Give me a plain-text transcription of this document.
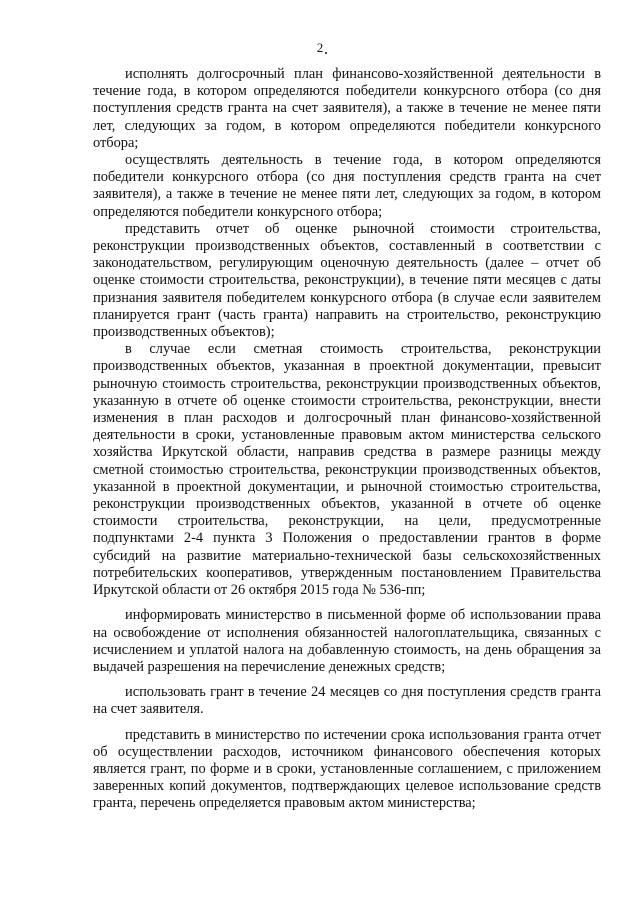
2

исполнять долгосрочный план финансово-хозяйственной деятельности в течение года, в котором определяются победители конкурсного отбора (со дня поступления средств гранта на счет заявителя), а также в течение не менее пяти лет, следующих за годом, в котором определяются победители конкурсного отбора;

осуществлять деятельность в течение года, в котором определяются победители конкурсного отбора (со дня поступления средств гранта на счет заявителя), а также в течение не менее пяти лет, следующих за годом, в котором определяются победители конкурсного отбора;

представить отчет об оценке рыночной стоимости строительства, реконструкции производственных объектов, составленный в соответствии с законодательством, регулирующим оценочную деятельность (далее – отчет об оценке стоимости строительства, реконструкции), в течение пяти месяцев с даты признания заявителя победителем конкурсного отбора (в случае если заявителем планируется грант (часть гранта) направить на строительство, реконструкцию производственных объектов);

в случае если сметная стоимость строительства, реконструкции производственных объектов, указанная в проектной документации, превысит рыночную стоимость строительства, реконструкции производственных объектов, указанную в отчете об оценке стоимости строительства, реконструкции, внести изменения в план расходов и долгосрочный план финансово-хозяйственной деятельности в сроки, установленные правовым актом министерства сельского хозяйства Иркутской области, направив средства в размере разницы между сметной стоимостью строительства, реконструкции производственных объектов, указанной в проектной документации, и рыночной стоимостью строительства, реконструкции производственных объектов, указанной в отчете об оценке стоимости строительства, реконструкции, на цели, предусмотренные подпунктами 2-4 пункта 3 Положения о предоставлении грантов в форме субсидий на развитие материально-технической базы сельскохозяйственных потребительских кооперативов, утвержденным постановлением Правительства Иркутской области от 26 октября 2015 года № 536-пп;

информировать министерство в письменной форме об использовании права на освобождение от исполнения обязанностей налогоплательщика, связанных с исчислением и уплатой налога на добавленную стоимость, на день обращения за выдачей разрешения на перечисление денежных средств;

использовать грант в течение 24 месяцев со дня поступления средств гранта на счет заявителя.

представить в министерство по истечении срока использования гранта отчет об осуществлении расходов, источником финансового обеспечения которых является грант, по форме и в сроки, установленные соглашением, с приложением заверенных копий документов, подтверждающих целевое использование средств гранта, перечень определяется правовым актом министерства;
